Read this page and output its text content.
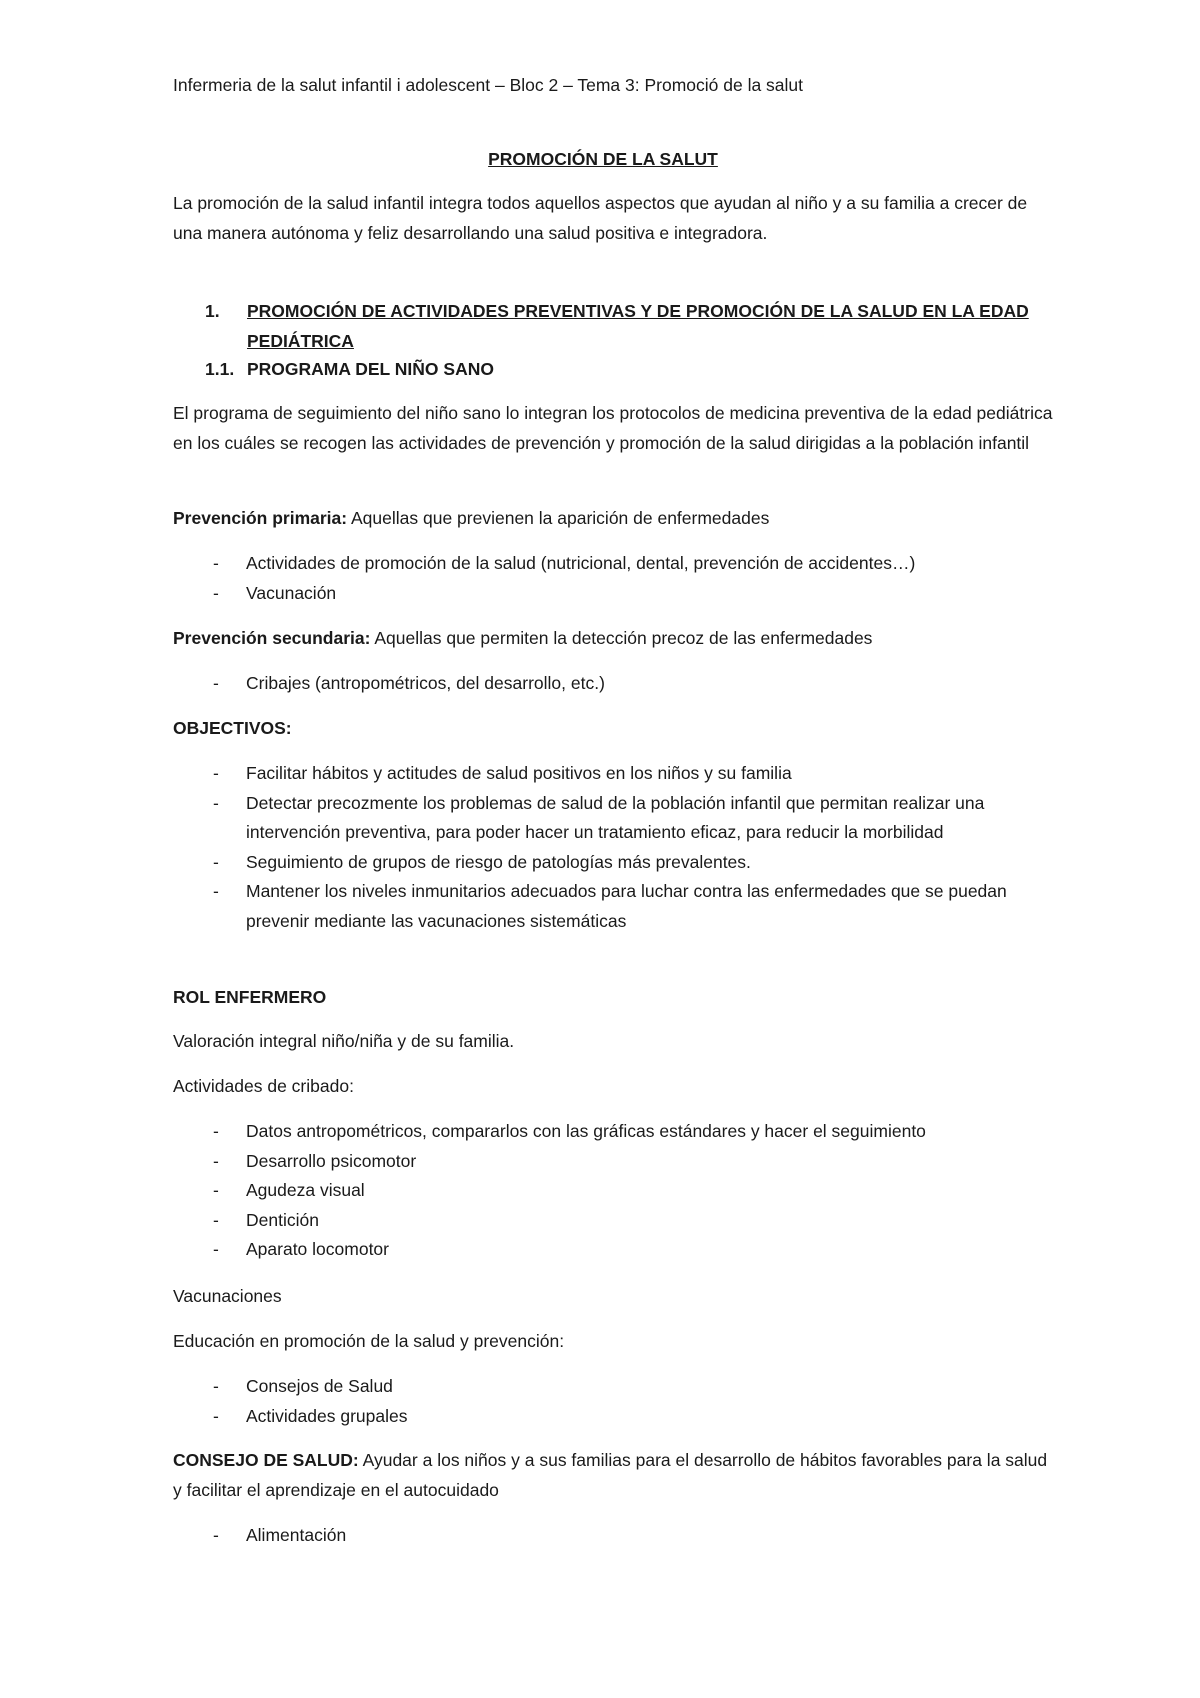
Infermeria de la salut infantil i adolescent – Bloc 2 – Tema 3: Promoció de la salut

PROMOCIÓN DE LA SALUT

La promoción de la salud infantil integra todos aquellos aspectos que ayudan al niño y a su familia a crecer de una manera autónoma y feliz desarrollando una salud positiva e integradora.

1.	PROMOCIÓN DE ACTIVIDADES PREVENTIVAS Y DE PROMOCIÓN DE LA SALUD EN LA EDAD PEDIÁTRICA
1.1. PROGRAMA DEL NIÑO SANO

El programa de seguimiento del niño sano lo integran los protocolos de medicina preventiva de la edad pediátrica en los cuáles se recogen las actividades de prevención y promoción de la salud dirigidas a la población infantil

Prevención primaria: Aquellas que previenen la aparición de enfermedades

- Actividades de promoción de la salud (nutricional, dental, prevención de accidentes…)
- Vacunación

Prevención secundaria: Aquellas que permiten la detección precoz de las enfermedades

- Cribajes (antropométricos, del desarrollo, etc.)

OBJECTIVOS:

- Facilitar hábitos y actitudes de salud positivos en los niños y su familia
- Detectar precozmente los problemas de salud de la población infantil que permitan realizar una intervención preventiva, para poder hacer un tratamiento eficaz, para reducir la morbilidad
- Seguimiento de grupos de riesgo de patologías más prevalentes.
- Mantener los niveles inmunitarios adecuados para luchar contra las enfermedades que se puedan prevenir mediante las vacunaciones sistemáticas

ROL ENFERMERO

Valoración integral niño/niña y de su familia.

Actividades de cribado:

- Datos antropométricos, compararlos con las gráficas estándares y hacer el seguimiento
- Desarrollo psicomotor
- Agudeza visual
- Dentición
- Aparato locomotor

Vacunaciones

Educación en promoción de la salud y prevención:

- Consejos de Salud
- Actividades grupales

CONSEJO DE SALUD: Ayudar a los niños y a sus familias para el desarrollo de hábitos favorables para la salud y facilitar el aprendizaje en el autocuidado

- Alimentación
